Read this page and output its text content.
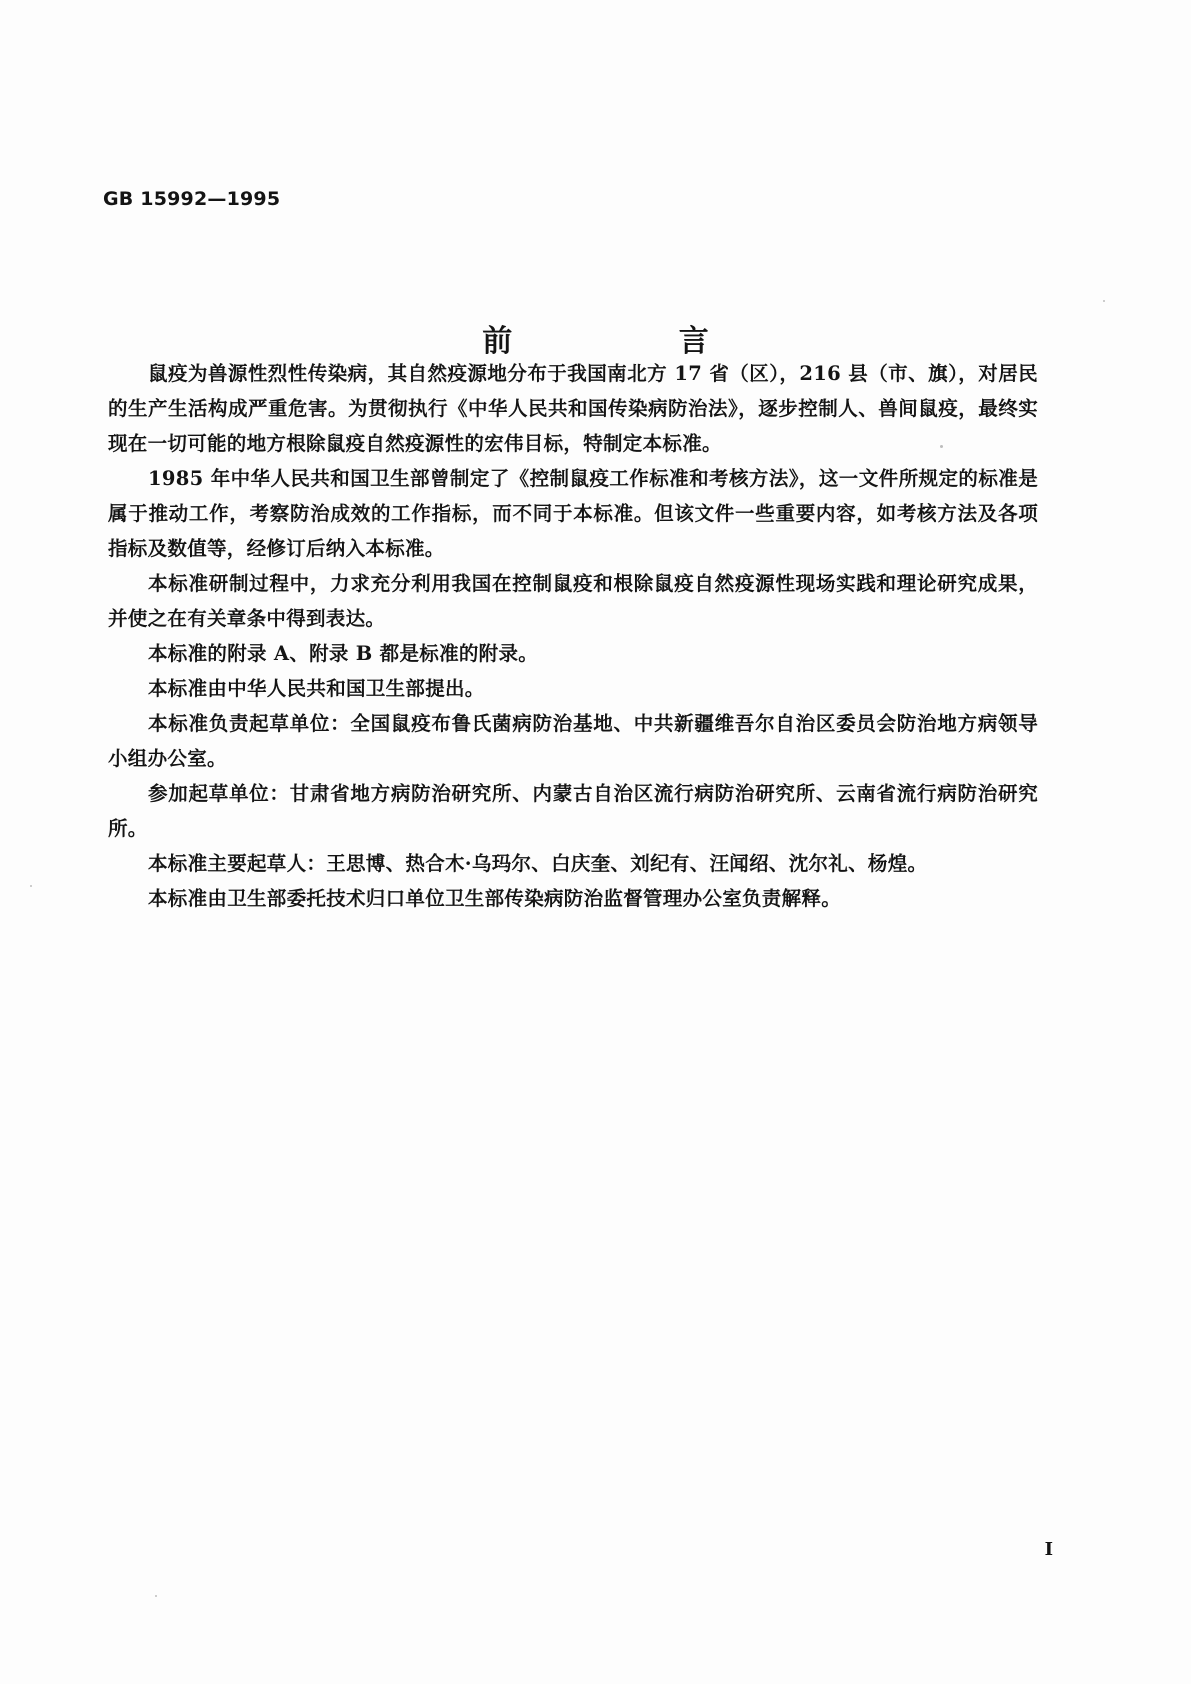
GB 15992—1995
前 言

鼠疫为兽源性烈性传染病，其自然疫源地分布于我国南北方 17 省（区），216 县（市、旗），对居民的生产生活构成严重危害。为贯彻执行《中华人民共和国传染病防治法》，逐步控制人、兽间鼠疫，最终实现在一切可能的地方根除鼠疫自然疫源性的宏伟目标，特制定本标准。

1985 年中华人民共和国卫生部曾制定了《控制鼠疫工作标准和考核方法》，这一文件所规定的标准是属于推动工作，考察防治成效的工作指标，而不同于本标准。但该文件一些重要内容，如考核方法及各项指标及数值等，经修订后纳入本标准。

本标准研制过程中，力求充分利用我国在控制鼠疫和根除鼠疫自然疫源性现场实践和理论研究成果，并使之在有关章条中得到表达。

本标准的附录 A、附录 B 都是标准的附录。

本标准由中华人民共和国卫生部提出。

本标准负责起草单位：全国鼠疫布鲁氏菌病防治基地、中共新疆维吾尔自治区委员会防治地方病领导小组办公室。

参加起草单位：甘肃省地方病防治研究所、内蒙古自治区流行病防治研究所、云南省流行病防治研究所。

本标准主要起草人：王思博、热合木·乌玛尔、白庆奎、刘纪有、汪闻绍、沈尔礼、杨煌。

本标准由卫生部委托技术归口单位卫生部传染病防治监督管理办公室负责解释。

I
